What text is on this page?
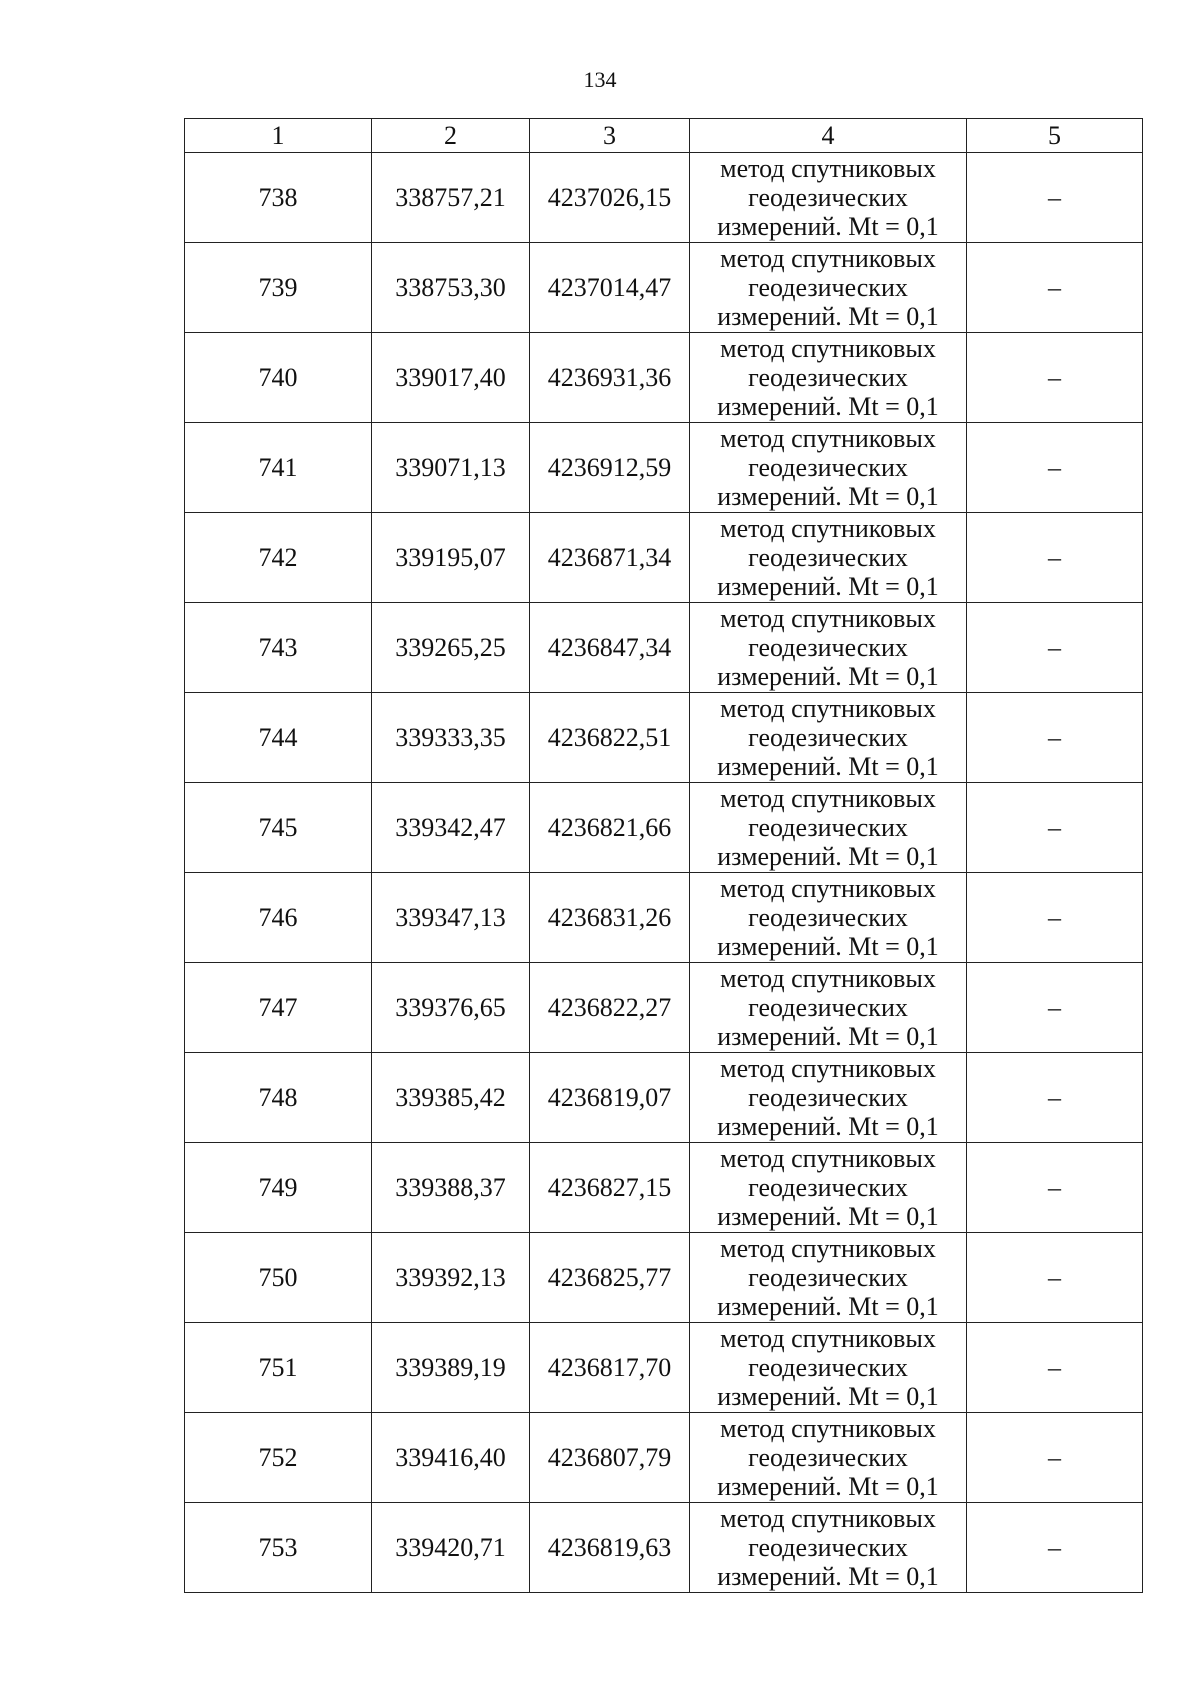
134
1	2	3	4	5
738	338757,21	4237026,15	метод спутниковых
геодезических
измерений. Mt = 0,1	–
739	338753,30	4237014,47	метод спутниковых
геодезических
измерений. Mt = 0,1	–
740	339017,40	4236931,36	метод спутниковых
геодезических
измерений. Mt = 0,1	–
741	339071,13	4236912,59	метод спутниковых
геодезических
измерений. Mt = 0,1	–
742	339195,07	4236871,34	метод спутниковых
геодезических
измерений. Mt = 0,1	–
743	339265,25	4236847,34	метод спутниковых
геодезических
измерений. Mt = 0,1	–
744	339333,35	4236822,51	метод спутниковых
геодезических
измерений. Mt = 0,1	–
745	339342,47	4236821,66	метод спутниковых
геодезических
измерений. Mt = 0,1	–
746	339347,13	4236831,26	метод спутниковых
геодезических
измерений. Mt = 0,1	–
747	339376,65	4236822,27	метод спутниковых
геодезических
измерений. Mt = 0,1	–
748	339385,42	4236819,07	метод спутниковых
геодезических
измерений. Mt = 0,1	–
749	339388,37	4236827,15	метод спутниковых
геодезических
измерений. Mt = 0,1	–
750	339392,13	4236825,77	метод спутниковых
геодезических
измерений. Mt = 0,1	–
751	339389,19	4236817,70	метод спутниковых
геодезических
измерений. Mt = 0,1	–
752	339416,40	4236807,79	метод спутниковых
геодезических
измерений. Mt = 0,1	–
753	339420,71	4236819,63	метод спутниковых
геодезических
измерений. Mt = 0,1	–
